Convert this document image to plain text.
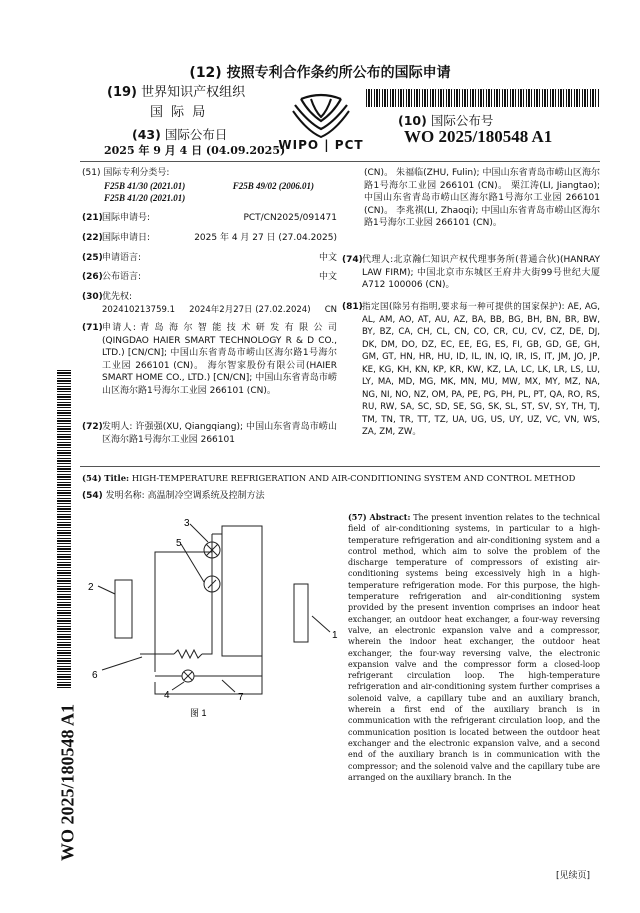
(12) 按照专利合作条约所公布的国际申请
(19) 世界知识产权组织
国 际 局
(43) 国际公布日
2025 年 9 月 4 日 (04.09.2025)
WIPO | PCT
(10) 国际公布号
WO 2025/180548 A1
(51) 国际专利分类号:
F25B 41/30 (2021.01)	F25B 49/02 (2006.01)
F25B 41/20 (2021.01)
(21)国际申请号:	PCT/CN2025/091471
(22)国际申请日:	2025 年 4 月 27 日 (27.04.2025)
(25)申请语言:	中文
(26)公布语言:	中文
(30)优先权:
202410213759.1 2024年2月27日 (27.02.2024) CN
(71) 申请人: 青 岛 海 尔 智 能 技 术 研 发 有 限 公 司(QINGDAO HAIER SMART TECHNOLOGY R & D CO., LTD.) [CN/CN]; 中国山东省青岛市崂山区海尔路1号海尔工业园 266101 (CN)。 海尔智家股份有限公司(HAIER SMART HOME CO., LTD.) [CN/CN]; 中国山东省青岛市崂山区海尔路1号海尔工业园 266101 (CN)。
(72) 发明人: 许强强(XU, Qiangqiang); 中国山东省青岛市崂山区海尔路1号海尔工业园 266101
(CN)。 朱福临(ZHU, Fulin); 中国山东省青岛市崂山区海尔路1号海尔工业园 266101 (CN)。 栗江涛(LI, Jiangtao); 中国山东省青岛市崂山区海尔路1号海尔工业园 266101 (CN)。 李兆祺(LI, Zhaoqi); 中国山东省青岛市崂山区海尔路1号海尔工业园 266101 (CN)。
(74) 代理人:北京瀚仁知识产权代理事务所(普通合伙)(HANRAY LAW FIRM); 中国北京市东城区王府井大街99号世纪大厦A712 100006 (CN)。
(81) 指定国(除另有指明,要求每一种可提供的国家保护): AE, AG, AL, AM, AO, AT, AU, AZ, BA, BB, BG, BH, BN, BR, BW, BY, BZ, CA, CH, CL, CN, CO, CR, CU, CV, CZ, DE, DJ, DK, DM, DO, DZ, EC, EE, EG, ES, FI, GB, GD, GE, GH, GM, GT, HN, HR, HU, ID, IL, IN, IQ, IR, IS, IT, JM, JO, JP, KE, KG, KH, KN, KP, KR, KW, KZ, LA, LC, LK, LR, LS, LU, LY, MA, MD, MG, MK, MN, MU, MW, MX, MY, MZ, NA, NG, NI, NO, NZ, OM, PA, PE, PG, PH, PL, PT, QA, RO, RS, RU, RW, SA, SC, SD, SE, SG, SK, SL, ST, SV, SY, TH, TJ, TM, TN, TR, TT, TZ, UA, UG, US, UY, UZ, VC, VN, WS, ZA, ZM, ZW。
(54) Title: HIGH-TEMPERATURE REFRIGERATION AND AIR-CONDITIONING SYSTEM AND CONTROL METHOD
(54) 发明名称: 高温制冷空调系统及控制方法
1
2
3
4
5
6
7
图 1
(57) Abstract: The present invention relates to the technical field of air-conditioning systems, in particular to a high-temperature refrigeration and air-conditioning system and a control method, which aim to solve the problem of the discharge temperature of compressors of existing air-conditioning systems being excessively high in a high-temperature refrigeration mode. For this purpose, the high-temperature refrigeration and air-conditioning system provided by the present invention comprises an indoor heat exchanger, an outdoor heat exchanger, a four-way reversing valve, an electronic expansion valve and a compressor, wherein the indoor heat exchanger, the outdoor heat exchanger, the four-way reversing valve, the electronic expansion valve and the compressor form a closed-loop refrigerant circulation loop. The high-temperature refrigeration and air-conditioning system further comprises a solenoid valve, a capillary tube and an auxiliary branch, wherein a first end of the auxiliary branch is in communication with the refrigerant circulation loop, and the communication position is located between the outdoor heat exchanger and the electronic expansion valve, and a second end of the auxiliary branch is in communication with the compressor; and the solenoid valve and the capillary tube are arranged on the auxiliary branch. In the
WO 2025/180548 A1
[见续页]
